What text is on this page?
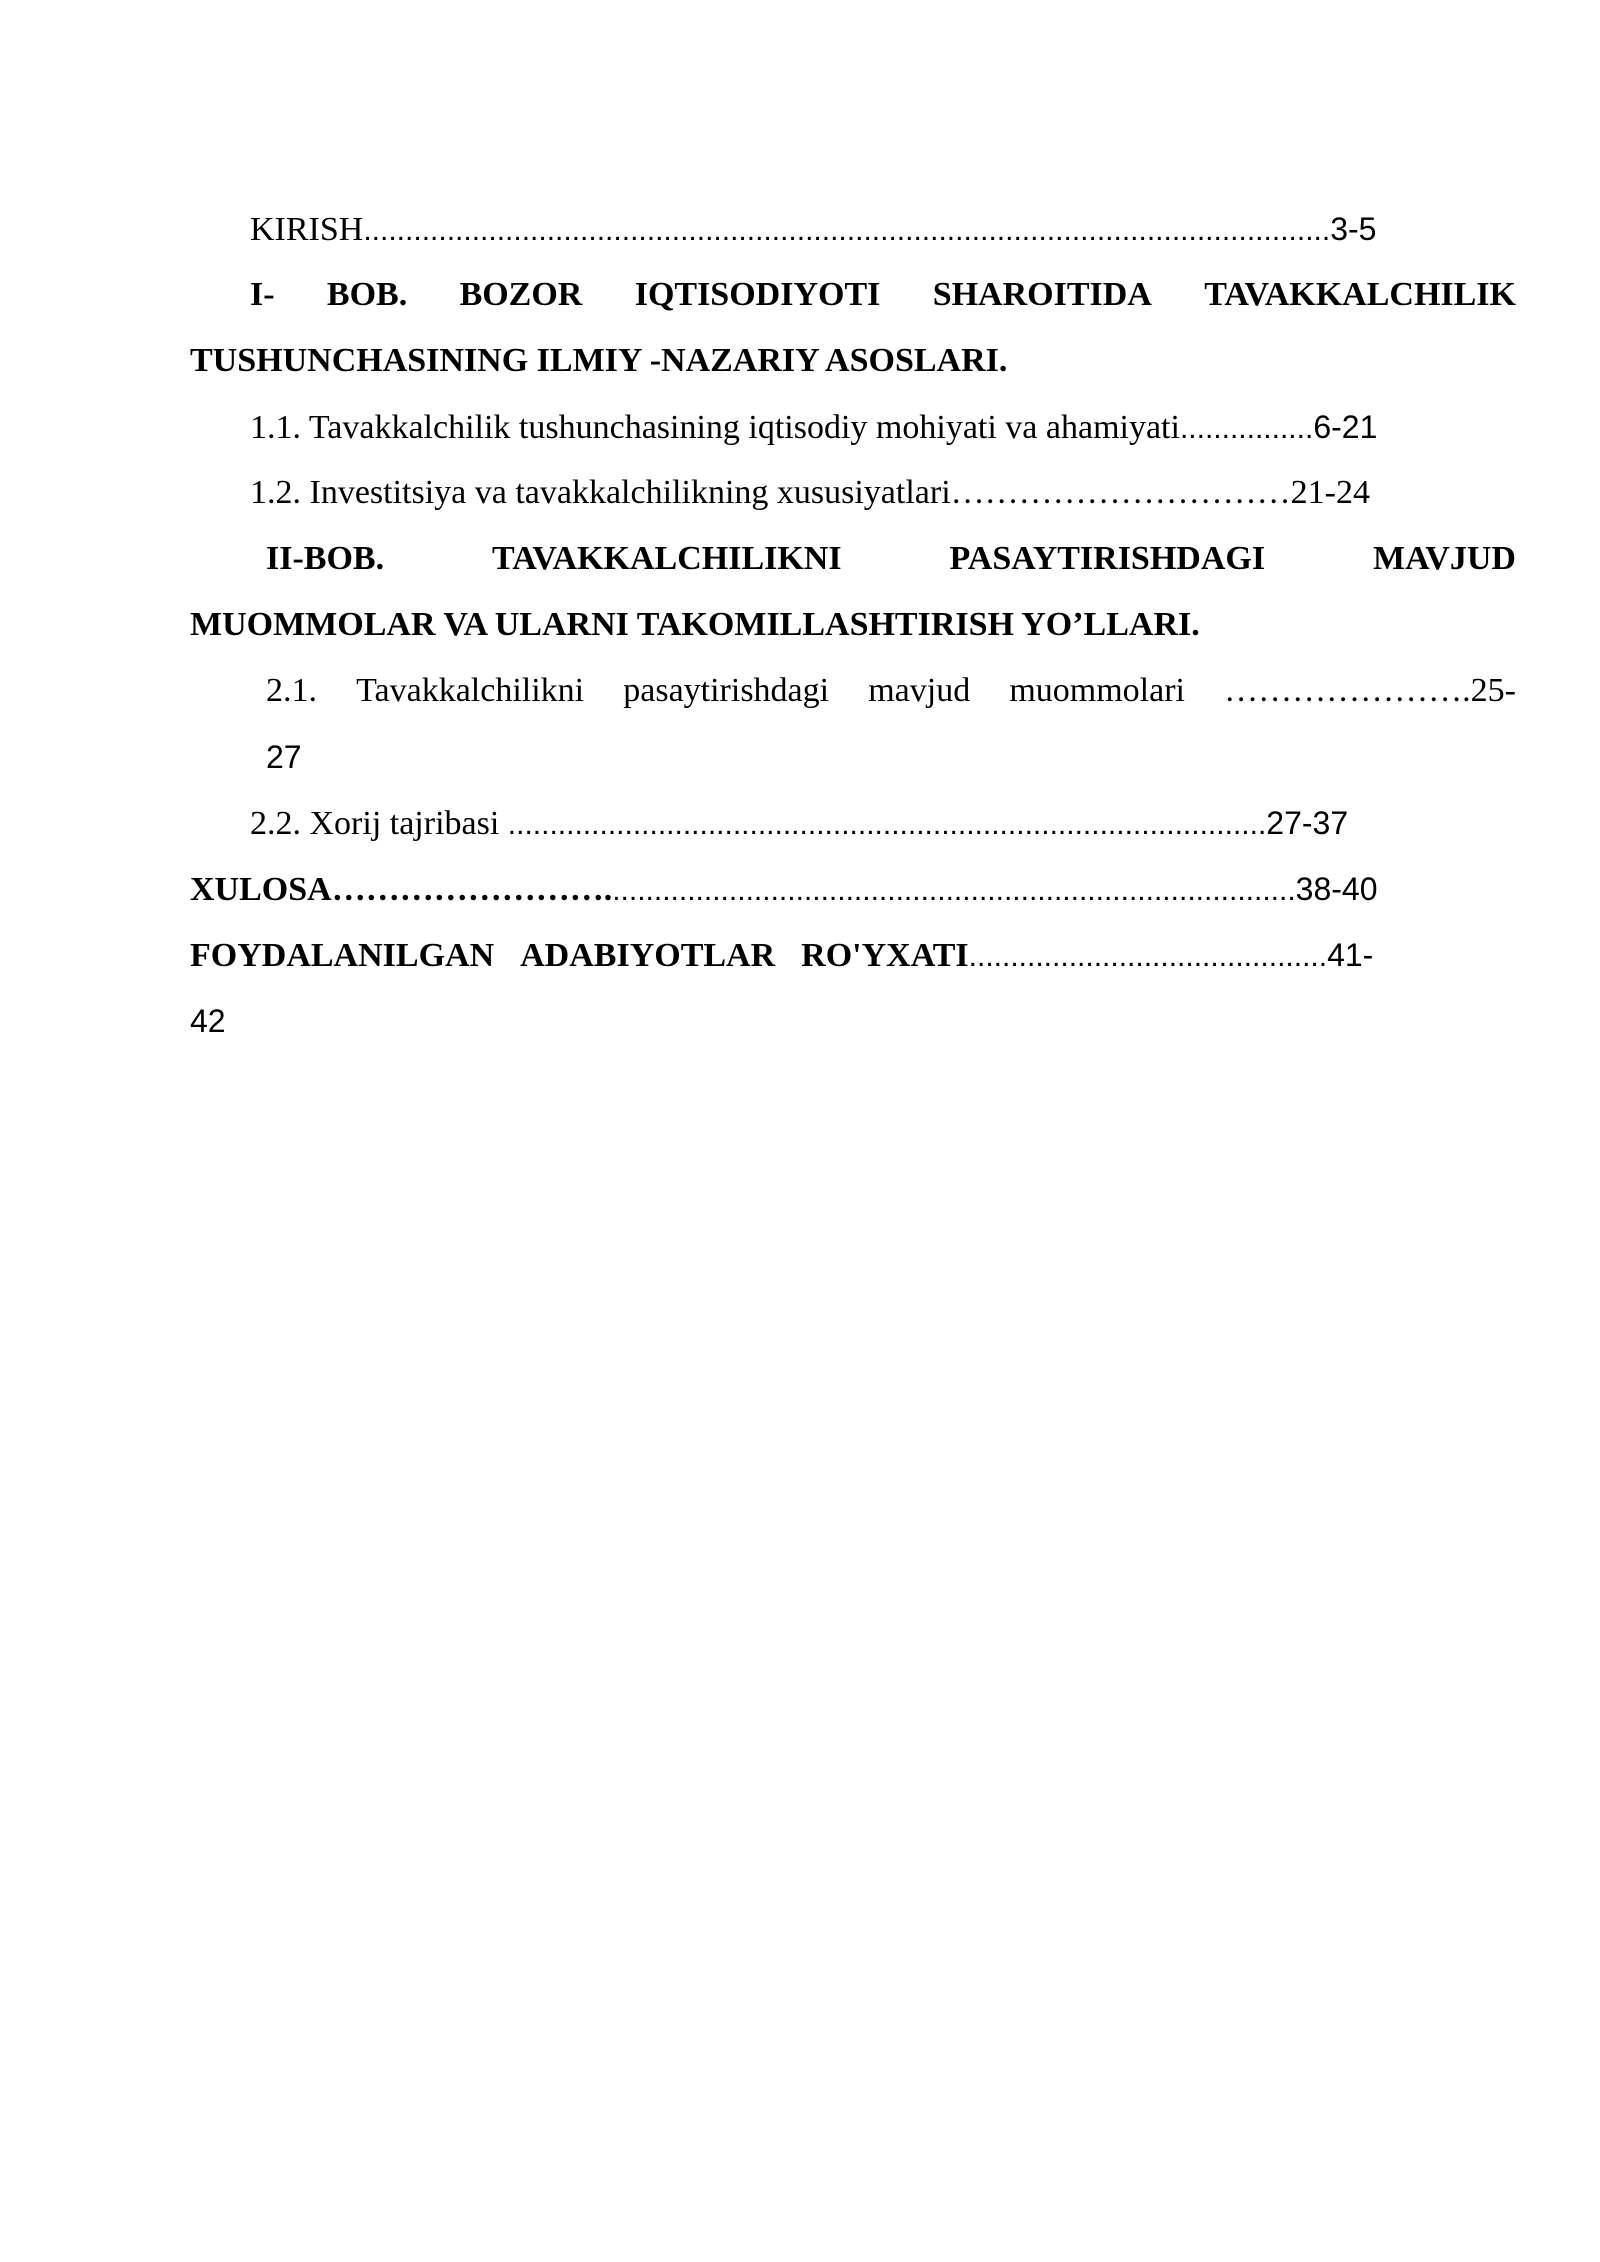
KIRISH....................................................................................................................3-5
I- BOB. BOZOR IQTISODIYOTI SHAROITIDA TAVAKKALCHILIK
TUSHUNCHASINING ILMIY -NAZARIY ASOSLARI.
1.1. Tavakkalchilik tushunchasining iqtisodiy mohiyati va ahamiyati................6-21
1.2. Investitsiya va tavakkalchilikning xususiyatlari…………………………21-24
II-BOB.	TAVAKKALCHILIKNI	PASAYTIRISHDAGI	MAVJUD
MUOMMOLAR VA ULARNI TAKOMILLASHTIRISH YO’LLARI.
2.1. Tavakkalchilikni pasaytirishdagi mavjud muommolari ………………….25-
27
2.2. Xorij tajribasi ...........................................................................................27-37
XULOSA……………………...................................................................................38-40
FOYDALANILGAN ADABIYOTLAR RO'YXATI ........................................... 41-
42
